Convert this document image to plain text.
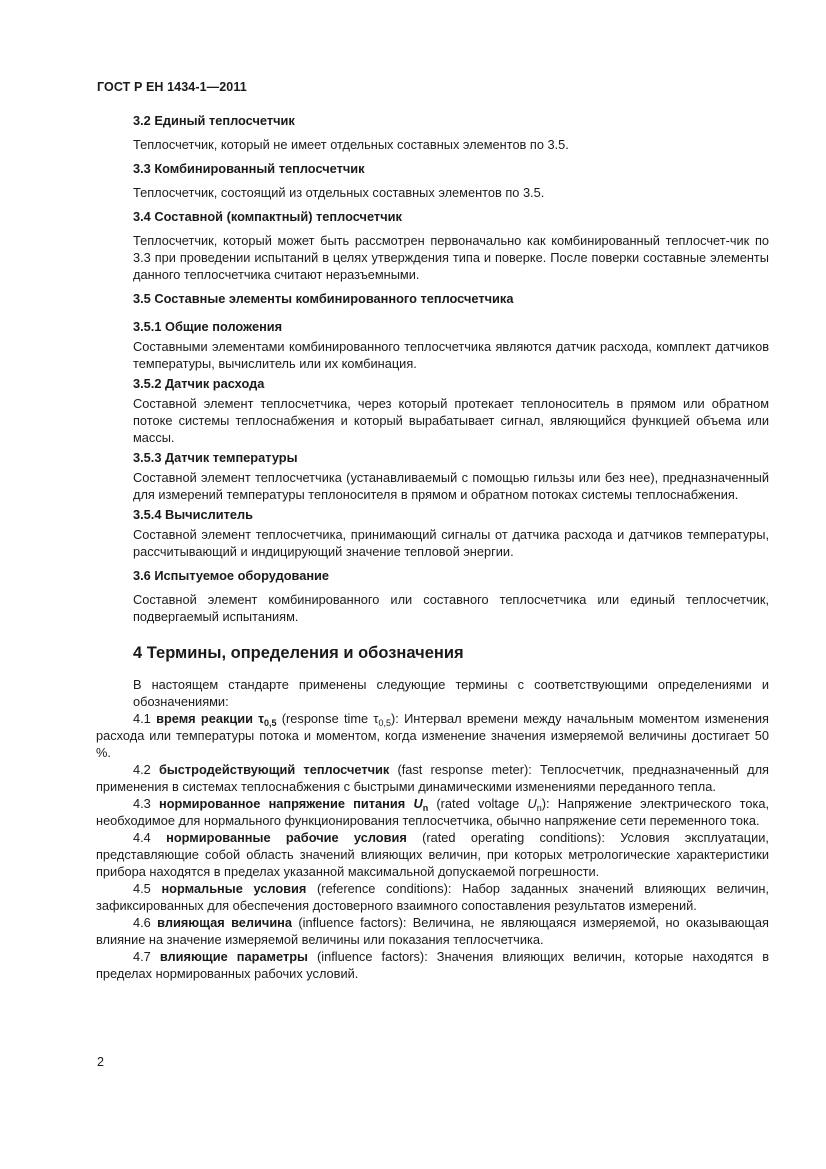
ГОСТ Р ЕН 1434-1—2011

3.2 Единый теплосчетчик

Теплосчетчик, который не имеет отдельных составных элементов по 3.5.

3.3 Комбинированный теплосчетчик

Теплосчетчик, состоящий из отдельных составных элементов по 3.5.

3.4 Составной (компактный) теплосчетчик

Теплосчетчик, который может быть рассмотрен первоначально как комбинированный теплосчет-чик по 3.3 при проведении испытаний в целях утверждения типа и поверке. После поверки составные элементы данного теплосчетчика считают неразъемными.

3.5 Составные элементы комбинированного теплосчетчика

3.5.1 Общие положения

Составными элементами комбинированного теплосчетчика являются датчик расхода, комплект датчиков температуры, вычислитель или их комбинация.

3.5.2 Датчик расхода

Составной элемент теплосчетчика, через который протекает теплоноситель в прямом или обратном потоке системы теплоснабжения и который вырабатывает сигнал, являющийся функцией объема или массы.

3.5.3 Датчик температуры

Составной элемент теплосчетчика (устанавливаемый с помощью гильзы или без нее), предназначенный для измерений температуры теплоносителя в прямом и обратном потоках системы теплоснабжения.

3.5.4 Вычислитель

Составной элемент теплосчетчика, принимающий сигналы от датчика расхода и датчиков температуры, рассчитывающий и индицирующий значение тепловой энергии.

3.6 Испытуемое оборудование

Составной элемент комбинированного или составного теплосчетчика или единый теплосчетчик, подвергаемый испытаниям.

4 Термины, определения и обозначения

В настоящем стандарте применены следующие термины с соответствующими определениями и обозначениями:

4.1 время реакции $\tau_{0,5}$ (response time $\tau_{0,5}$): Интервал времени между начальным моментом изменения расхода или температуры потока и моментом, когда изменение значения измеряемой величины достигает 50 %.

4.2 быстродействующий теплосчетчик (fast response meter): Теплосчетчик, предназначенный для применения в системах теплоснабжения с быстрыми динамическими изменениями переданного тепла.

4.3 нормированное напряжение питания $U_n$ (rated voltage $U_n$): Напряжение электрического тока, необходимое для нормального функционирования теплосчетчика, обычно напряжение сети переменного тока.

4.4 нормированные рабочие условия (rated operating conditions): Условия эксплуатации, представляющие собой область значений влияющих величин, при которых метрологические характеристики прибора находятся в пределах указанной максимальной допускаемой погрешности.

4.5 нормальные условия (reference conditions): Набор заданных значений влияющих величин, зафиксированных для обеспечения достоверного взаимного сопоставления результатов измерений.

4.6 влияющая величина (influence factors): Величина, не являющаяся измеряемой, но оказывающая влияние на значение измеряемой величины или показания теплосчетчика.

4.7 влияющие параметры (influence factors): Значения влияющих величин, которые находятся в пределах нормированных рабочих условий.

2
